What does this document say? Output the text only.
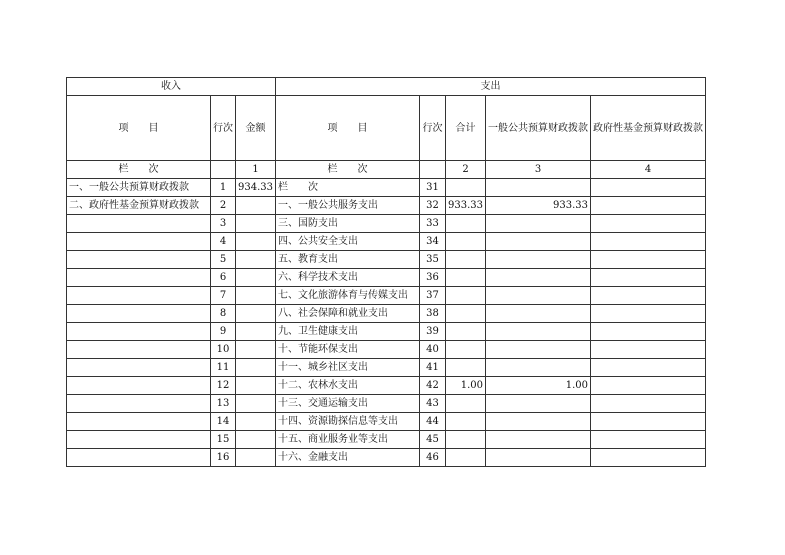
收入			支出				
项　　目	行次	金额	项　　目	行次	合计	一般公共预算财政拨款	政府性基金预算财政拨款
栏　　次		1	栏　　次		2	3	4
一、一般公共预算财政拨款	1	934.33	栏　　次	31			
二、政府性基金预算财政拨款	2		一、一般公共服务支出	32	933.33	933.33	
	3		三、国防支出	33			
	4		四、公共安全支出	34			
	5		五、教育支出	35			
	6		六、科学技术支出	36			
	7		七、文化旅游体育与传媒支出	37			
	8		八、社会保障和就业支出	38			
	9		九、卫生健康支出	39			
	10		十、节能环保支出	40			
	11		十一、城乡社区支出	41			
	12		十二、农林水支出	42	1.00	1.00	
	13		十三、交通运输支出	43			
	14		十四、资源勘探信息等支出	44			
	15		十五、商业服务业等支出	45			
	16		十六、金融支出	46			
